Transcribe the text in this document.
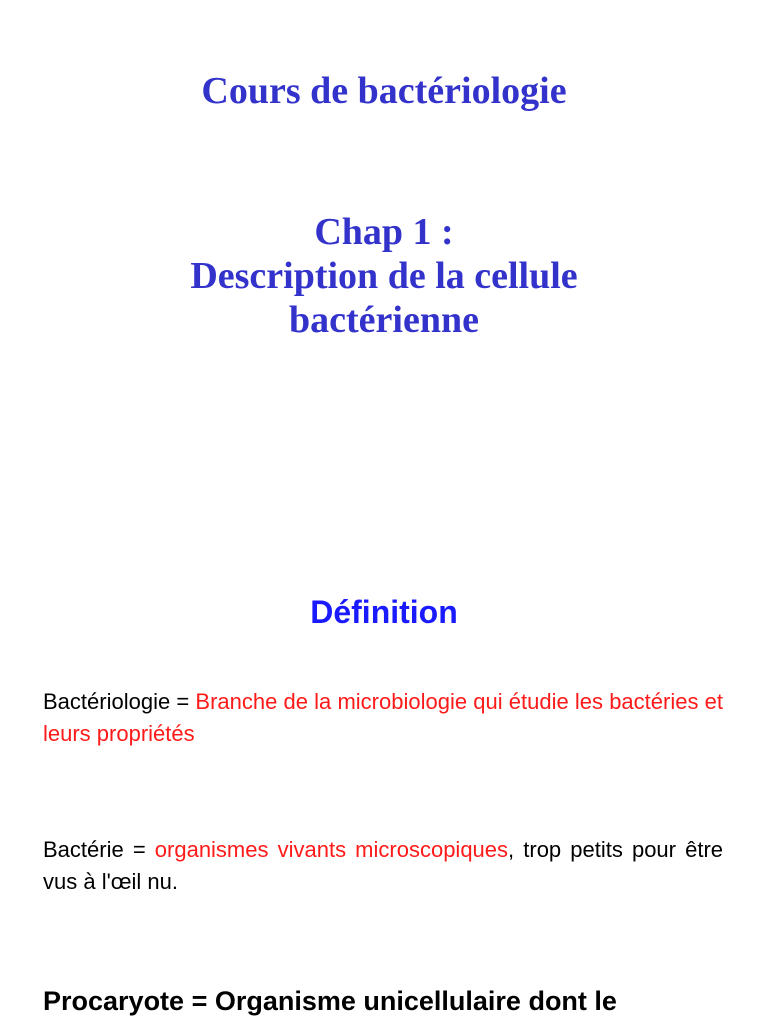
Cours de bactériologie
Chap 1 :
Description de la cellule
bactérienne
Définition

Bactériologie = Branche de la microbiologie qui étudie les bactéries et leurs propriétés

Bactérie = organismes vivants microscopiques, trop petits pour être vus à l'œil nu.

Procaryote = Organisme unicellulaire dont le
